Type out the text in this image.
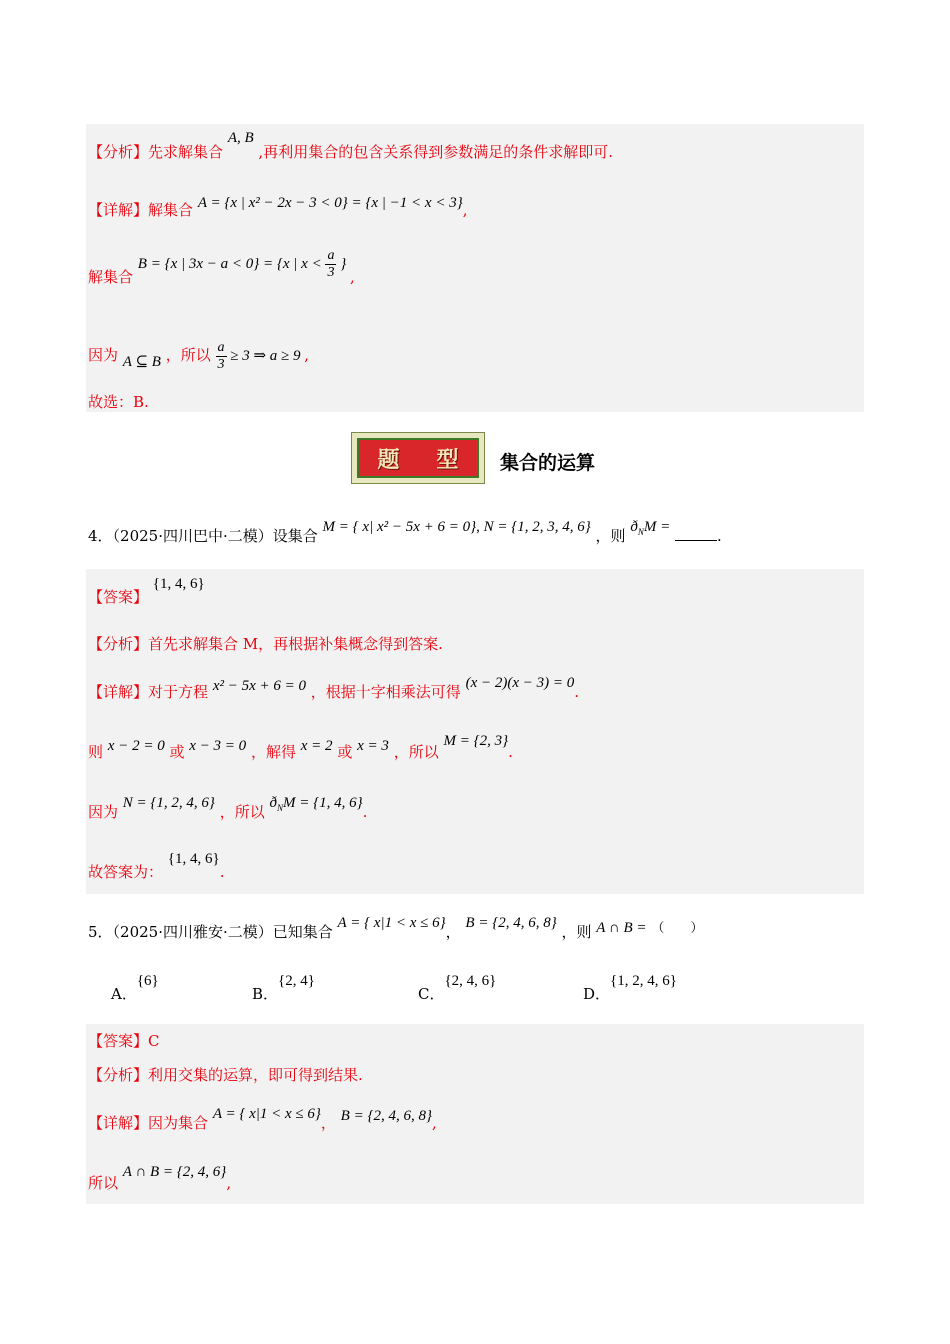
【分析】先求解集合 A, B ,再利用集合的包含关系得到参数满足的条件求解即可.
【详解】解集合 A = {x | x² − 2x − 3 < 0} = {x | −1 < x < 3},
解集合 B = {x | 3x − a < 0} = {x | $x < \frac{a}{3}$ } ,
因为 A ⊆ B ，所以 $\frac{a}{3} \ge 3$ ⇒ a ≥ 9 ,
故选：B.
题 型 集合的运算
4．（2025·四川巴中·二模）设集合 M = { x| x² − 5x + 6 = 0}, N = {1, 2, 3, 4, 6} ，则 $ð_NM$ =	.
【答案】 {1, 4, 6}
【分析】首先求解集合 M，再根据补集概念得到答案.
【详解】对于方程 x² − 5x + 6 = 0 ，根据十字相乘法可得 (x − 2)(x − 3) = 0.
则 x − 2 = 0 或 x − 3 = 0 ，解得 x = 2 或 x = 3 ，所以 M = {2, 3}.
因为 N = {1, 2, 4, 6} ，所以 $ð_NM = \{1$, 4, 6}.
故答案为： {1, 4, 6}.
5．（2025·四川雅安·二模）已知集合 A = { x|1 < x ≤ 6}， B = {2, 4, 6, 8} ，则 A ∩ B = （　　）
A．{6}
B．{2, 4}
C．{2, 4, 6}
D．{1, 2, 4, 6}
【答案】C
【分析】利用交集的运算，即可得到结果.
【详解】因为集合 A = { x|1 < x ≤ 6}， B = {2, 4, 6, 8},
所以 A ∩ B = {2, 4, 6},
